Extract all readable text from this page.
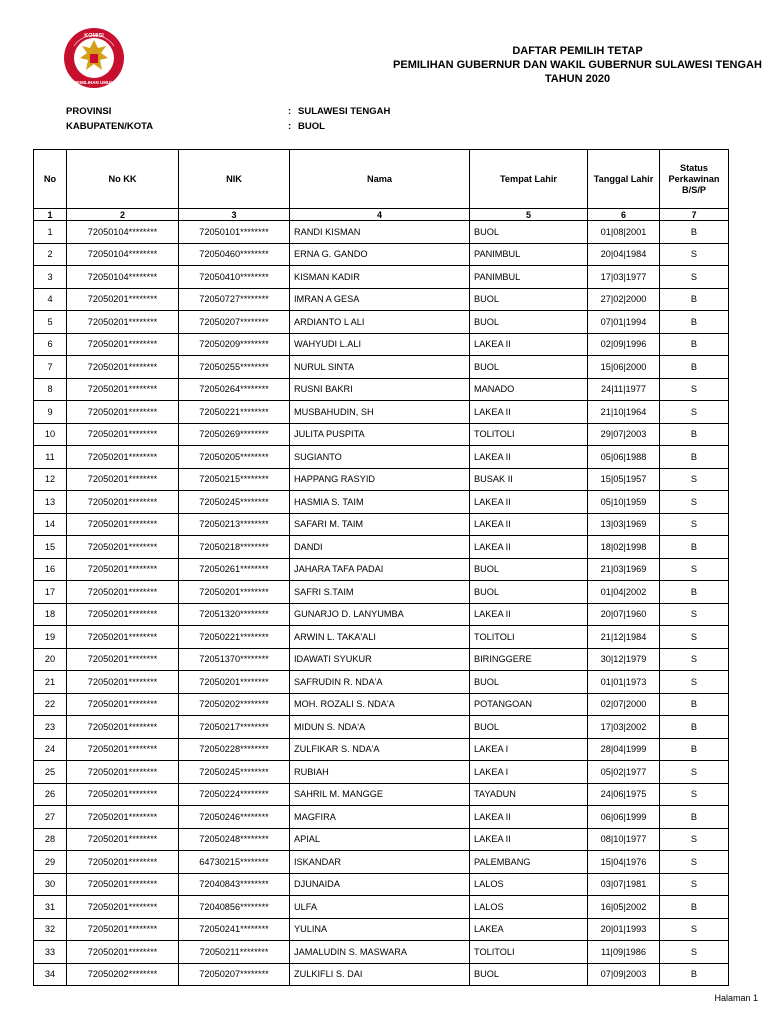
KOMISI
PEMILIHAN UMUM
DAFTAR PEMILIH TETAP
PEMILIHAN GUBERNUR DAN WAKIL GUBERNUR SULAWESI TENGAH
TAHUN 2020
PROVINSI	: SULAWESI TENGAH
KABUPATEN/KOTA	: BUOL
No	No KK	NIK	Nama	Tempat Lahir	Tanggal Lahir	Status Perkawinan B/S/P
1	2	3	4	5	6	7
1	72050104********	72050101********	RANDI KISMAN	BUOL	01|08|2001	B
2	72050104********	72050460********	ERNA G. GANDO	PANIMBUL	20|04|1984	S
3	72050104********	72050410********	KISMAN KADIR	PANIMBUL	17|03|1977	S
4	72050201********	72050727********	IMRAN A GESA	BUOL	27|02|2000	B
5	72050201********	72050207********	ARDIANTO L ALI	BUOL	07|01|1994	B
6	72050201********	72050209********	WAHYUDI L.ALI	LAKEA II	02|09|1996	B
7	72050201********	72050255********	NURUL SINTA	BUOL	15|06|2000	B
8	72050201********	72050264********	RUSNI BAKRI	MANADO	24|11|1977	S
9	72050201********	72050221********	MUSBAHUDIN, SH	LAKEA II	21|10|1964	S
10	72050201********	72050269********	JULITA PUSPITA	TOLITOLI	29|07|2003	B
11	72050201********	72050205********	SUGIANTO	LAKEA II	05|06|1988	B
12	72050201********	72050215********	HAPPANG RASYID	BUSAK II	15|05|1957	S
13	72050201********	72050245********	HASMIA S. TAIM	LAKEA II	05|10|1959	S
14	72050201********	72050213********	SAFARI M. TAIM	LAKEA II	13|03|1969	S
15	72050201********	72050218********	DANDI	LAKEA II	18|02|1998	B
16	72050201********	72050261********	JAHARA TAFA PADAI	BUOL	21|03|1969	S
17	72050201********	72050201********	SAFRI S.TAIM	BUOL	01|04|2002	B
18	72050201********	72051320********	GUNARJO D. LANYUMBA	LAKEA II	20|07|1960	S
19	72050201********	72050221********	ARWIN L. TAKA'ALI	TOLITOLI	21|12|1984	S
20	72050201********	72051370********	IDAWATI SYUKUR	BIRINGGERE	30|12|1979	S
21	72050201********	72050201********	SAFRUDIN R. NDA'A	BUOL	01|01|1973	S
22	72050201********	72050202********	MOH. ROZALI S. NDA'A	POTANGOAN	02|07|2000	B
23	72050201********	72050217********	MIDUN S. NDA'A	BUOL	17|03|2002	B
24	72050201********	72050228********	ZULFIKAR S. NDA'A	LAKEA I	28|04|1999	B
25	72050201********	72050245********	RUBIAH	LAKEA I	05|02|1977	S
26	72050201********	72050224********	SAHRIL M. MANGGE	TAYADUN	24|06|1975	S
27	72050201********	72050246********	MAGFIRA	LAKEA II	06|06|1999	B
28	72050201********	72050248********	APIAL	LAKEA II	08|10|1977	S
29	72050201********	64730215********	ISKANDAR	PALEMBANG	15|04|1976	S
30	72050201********	72040843********	DJUNAIDA	LALOS	03|07|1981	S
31	72050201********	72040856********	ULFA	LALOS	16|05|2002	B
32	72050201********	72050241********	YULINA	LAKEA	20|01|1993	S
33	72050201********	72050211********	JAMALUDIN S. MASWARA	TOLITOLI	11|09|1986	S
34	72050202********	72050207********	ZULKIFLI S. DAI	BUOL	07|09|2003	B
Halaman 1
